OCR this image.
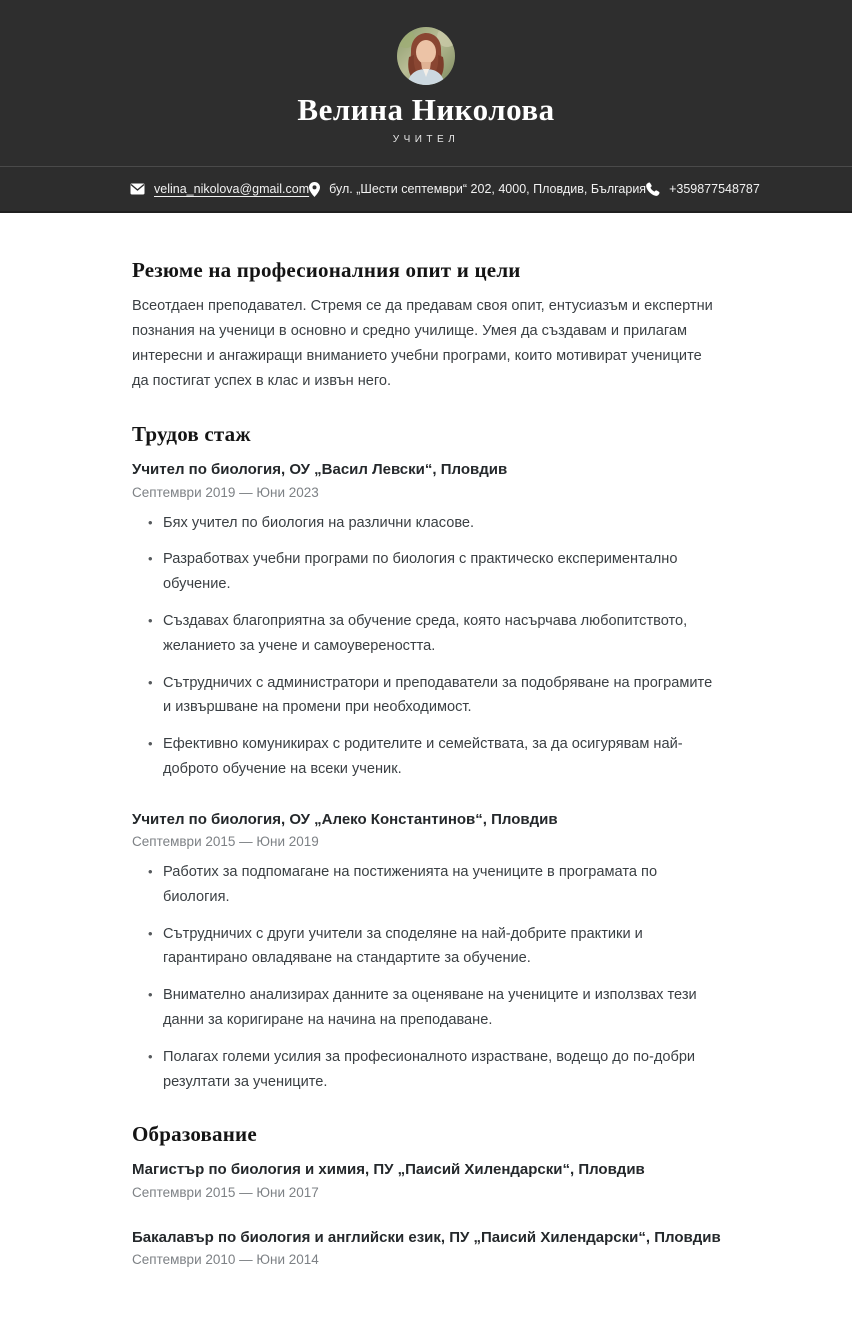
Велина Николова
УЧИТЕЛ
velina_nikolova@gmail.com бул. „Шести септември“ 202, 4000, Пловдив, България +359877548787
Резюме на професионалния опит и цели

Всеотдаен преподавател. Стремя се да предавам своя опит, ентусиазъм и експертни познания на ученици в основно и средно училище. Умея да създавам и прилагам интересни и ангажиращи вниманието учебни програми, които мотивират учениците да постигат успех в клас и извън него.

Трудов стаж
Учител по биология, ОУ „Васил Левски“, Пловдив
Септември 2019 — Юни 2023
• Бях учител по биология на различни класове.
• Разработвах учебни програми по биология с практическо експериментално обучение.
• Създавах благоприятна за обучение среда, която насърчава любопитството, желанието за учене и самоувереността.
• Сътрудничих с администратори и преподаватели за подобряване на програмите и извършване на промени при необходимост.
• Ефективно комуникирах с родителите и семействата, за да осигурявам най-доброто обучение на всеки ученик.
Учител по биология, ОУ „Алеко Константинов“, Пловдив
Септември 2015 — Юни 2019
• Работих за подпомагане на постиженията на учениците в програмата по биология.
• Сътрудничих с други учители за споделяне на най-добрите практики и гарантирано овладяване на стандартите за обучение.
• Внимателно анализирах данните за оценяване на учениците и използвах тези данни за коригиране на начина на преподаване.
• Полагах големи усилия за професионалното израстване, водещо до по-добри резултати за учениците.
Образование
Магистър по биология и химия, ПУ „Паисий Хилендарски“, Пловдив
Септември 2015 — Юни 2017
Бакалавър по биология и английски език, ПУ „Паисий Хилендарски“, Пловдив
Септември 2010 — Юни 2014
